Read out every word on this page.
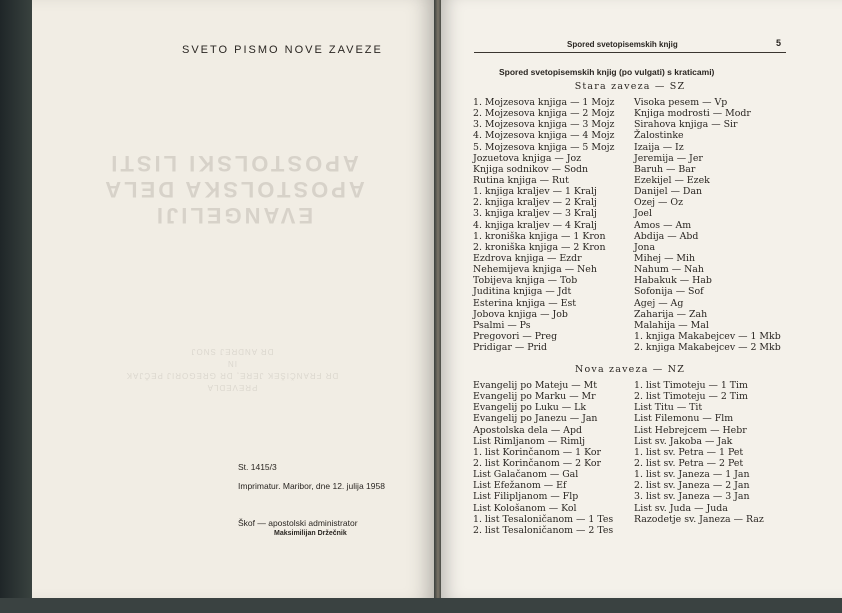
SVETO PISMO NOVE ZAVEZE
EVANGELIJI
APOSTOLSKA DELA
APOSTOLSKI LISTI
PREVEDLA
DR FRANČIŠEK JERE, DR GREGORIJ PEČJAK
IN
DR ANDREJ SNOJ
St. 1415/3
Imprimatur. Maribor, dne 12. julija 1958
Škof — apostolski administrator
Maksimilijan Držečnik
Spored svetopisemskih knjig	5
Spored svetopisemskih knjig (po vulgati) s kraticami)
Stara zaveza — SZ
1. Mojzesova knjiga — 1 Mojz
2. Mojzesova knjiga — 2 Mojz
3. Mojzesova knjiga — 3 Mojz
4. Mojzesova knjiga — 4 Mojz
5. Mojzesova knjiga — 5 Mojz
Jozuetova knjiga — Joz
Knjiga sodnikov — Sodn
Rutina knjiga — Rut
1. knjiga kraljev — 1 Kralj
2. knjiga kraljev — 2 Kralj
3. knjiga kraljev — 3 Kralj
4. knjiga kraljev — 4 Kralj
1. kroniška knjiga — 1 Kron
2. kroniška knjiga — 2 Kron
Ezdrova knjiga — Ezdr
Nehemijeva knjiga — Neh
Tobijeva knjiga — Tob
Juditina knjiga — Jdt
Esterina knjiga — Est
Jobova knjiga — Job
Psalmi — Ps
Pregovori — Preg
Pridigar — Prid
Visoka pesem — Vp
Knjiga modrosti — Modr
Sirahova knjiga — Sir
Žalostinke
Izaija — Iz
Jeremija — Jer
Baruh — Bar
Ezekijel — Ezek
Danijel — Dan
Ozej — Oz
Joel
Amos — Am
Abdija — Abd
Jona
Mihej — Mih
Nahum — Nah
Habakuk — Hab
Sofonija — Sof
Agej — Ag
Zaharija — Zah
Malahija — Mal
1. knjiga Makabejcev — 1 Mkb
2. knjiga Makabejcev — 2 Mkb
Nova zaveza — NZ
Evangelij po Mateju — Mt
Evangelij po Marku — Mr
Evangelij po Luku — Lk
Evangelij po Janezu — Jan
Apostolska dela — Apd
List Rimljanom — Rimlj
1. list Korinčanom — 1 Kor
2. list Korinčanom — 2 Kor
List Galačanom — Gal
List Efežanom — Ef
List Filipljanom — Flp
List Kološanom — Kol
1. list Tesaloničanom — 1 Tes
2. list Tesaloničanom — 2 Tes
1. list Timoteju — 1 Tim
2. list Timoteju — 2 Tim
List Titu — Tit
List Filemonu — Flm
List Hebrejcem — Hebr
List sv. Jakoba — Jak
1. list sv. Petra — 1 Pet
2. list sv. Petra — 2 Pet
1. list sv. Janeza — 1 Jan
2. list sv. Janeza — 2 Jan
3. list sv. Janeza — 3 Jan
List sv. Juda — Juda
Razodetje sv. Janeza — Raz
